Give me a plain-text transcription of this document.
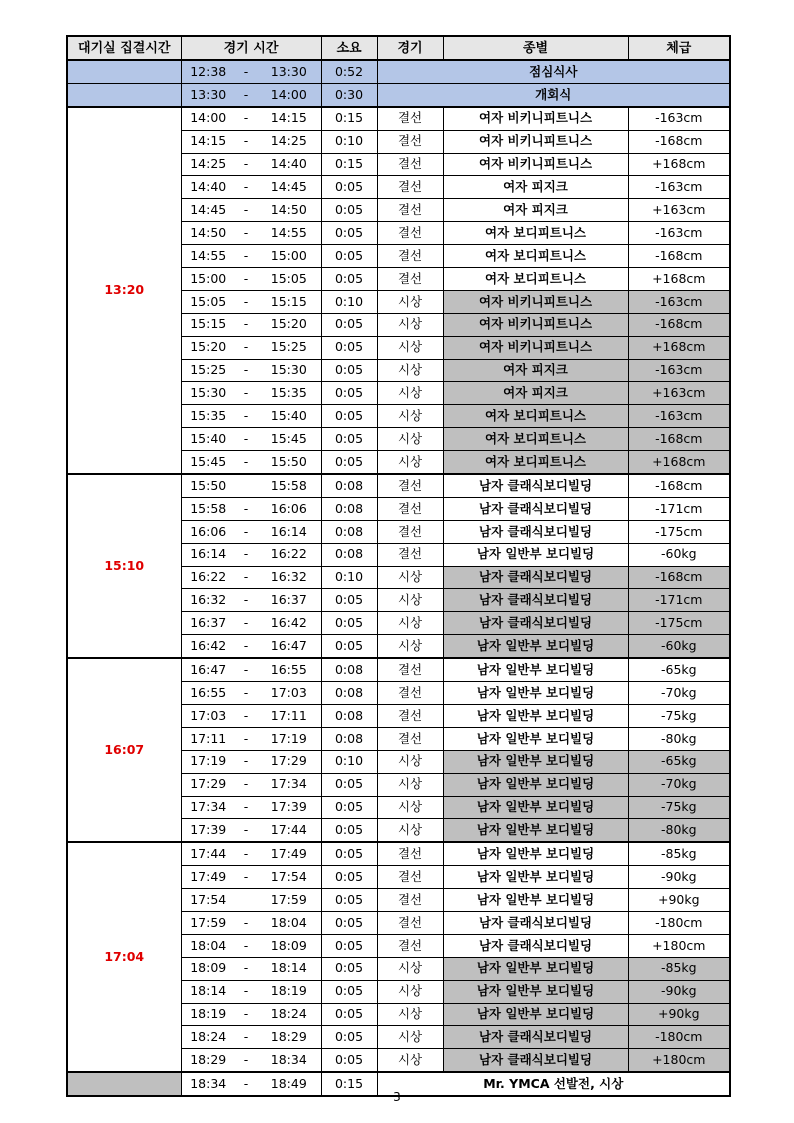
대기실 집결시간	경기 시간			소요	경기	종별	체급
	12:38	-	13:30	0:52	점심식사		
	13:30	-	14:00	0:30	개회식		
13:20	14:00	-	14:15	0:15	결선	여자 비키니피트니스	-163cm
	14:15	-	14:25	0:10	결선	여자 비키니피트니스	-168cm
	14:25	-	14:40	0:15	결선	여자 비키니피트니스	+168cm
	14:40	-	14:45	0:05	결선	여자 피지크	-163cm
	14:45	-	14:50	0:05	결선	여자 피지크	+163cm
	14:50	-	14:55	0:05	결선	여자 보디피트니스	-163cm
	14:55	-	15:00	0:05	결선	여자 보디피트니스	-168cm
	15:00	-	15:05	0:05	결선	여자 보디피트니스	+168cm
	15:05	-	15:15	0:10	시상	여자 비키니피트니스	-163cm
	15:15	-	15:20	0:05	시상	여자 비키니피트니스	-168cm
	15:20	-	15:25	0:05	시상	여자 비키니피트니스	+168cm
	15:25	-	15:30	0:05	시상	여자 피지크	-163cm
	15:30	-	15:35	0:05	시상	여자 피지크	+163cm
	15:35	-	15:40	0:05	시상	여자 보디피트니스	-163cm
	15:40	-	15:45	0:05	시상	여자 보디피트니스	-168cm
	15:45	-	15:50	0:05	시상	여자 보디피트니스	+168cm
15:10	15:50		15:58	0:08	결선	남자 클래식보디빌딩	-168cm
	15:58	-	16:06	0:08	결선	남자 클래식보디빌딩	-171cm
	16:06	-	16:14	0:08	결선	남자 클래식보디빌딩	-175cm
	16:14	-	16:22	0:08	결선	남자 일반부 보디빌딩	-60kg
	16:22	-	16:32	0:10	시상	남자 클래식보디빌딩	-168cm
	16:32	-	16:37	0:05	시상	남자 클래식보디빌딩	-171cm
	16:37	-	16:42	0:05	시상	남자 클래식보디빌딩	-175cm
	16:42	-	16:47	0:05	시상	남자 일반부 보디빌딩	-60kg
16:07	16:47	-	16:55	0:08	결선	남자 일반부 보디빌딩	-65kg
	16:55	-	17:03	0:08	결선	남자 일반부 보디빌딩	-70kg
	17:03	-	17:11	0:08	결선	남자 일반부 보디빌딩	-75kg
	17:11	-	17:19	0:08	결선	남자 일반부 보디빌딩	-80kg
	17:19	-	17:29	0:10	시상	남자 일반부 보디빌딩	-65kg
	17:29	-	17:34	0:05	시상	남자 일반부 보디빌딩	-70kg
	17:34	-	17:39	0:05	시상	남자 일반부 보디빌딩	-75kg
	17:39	-	17:44	0:05	시상	남자 일반부 보디빌딩	-80kg
17:04	17:44	-	17:49	0:05	결선	남자 일반부 보디빌딩	-85kg
	17:49	-	17:54	0:05	결선	남자 일반부 보디빌딩	-90kg
	17:54		17:59	0:05	결선	남자 일반부 보디빌딩	+90kg
	17:59	-	18:04	0:05	결선	남자 클래식보디빌딩	-180cm
	18:04	-	18:09	0:05	결선	남자 클래식보디빌딩	+180cm
	18:09	-	18:14	0:05	시상	남자 일반부 보디빌딩	-85kg
	18:14	-	18:19	0:05	시상	남자 일반부 보디빌딩	-90kg
	18:19	-	18:24	0:05	시상	남자 일반부 보디빌딩	+90kg
	18:24	-	18:29	0:05	시상	남자 클래식보디빌딩	-180cm
	18:29	-	18:34	0:05	시상	남자 클래식보디빌딩	+180cm
	18:34	-	18:49	0:15	Mr. YMCA 선발전, 시상		
3
